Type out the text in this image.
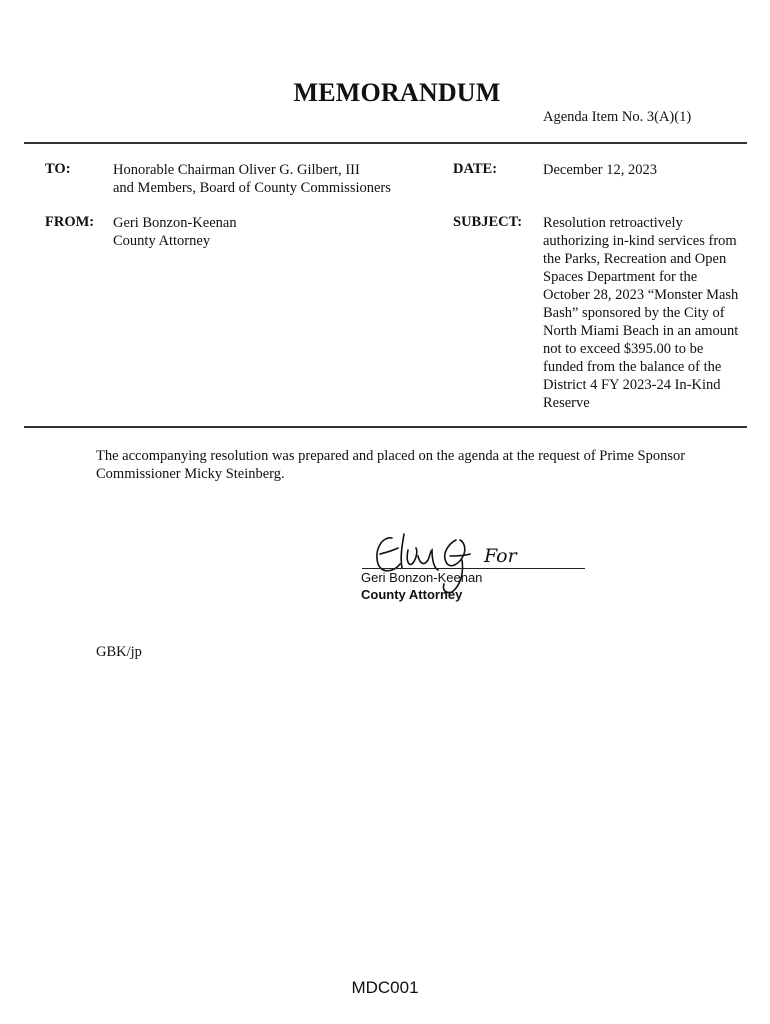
MEMORANDUM
Agenda Item No. 3(A)(1)
TO:	Honorable Chairman Oliver G. Gilbert, III
and Members, Board of County Commissioners
DATE:	December 12, 2023
FROM: Geri Bonzon-Keenan
County Attorney
SUBJECT: Resolution retroactively
authorizing in-kind services from
the Parks, Recreation and Open
Spaces Department for the
October 28, 2023 “Monster Mash
Bash” sponsored by the City of
North Miami Beach in an amount
not to exceed $395.00 to be
funded from the balance of the
District 4 FY 2023-24 In-Kind
Reserve
The accompanying resolution was prepared and placed on the agenda at the request of Prime Sponsor
Commissioner Micky Steinberg.
For
Geri Bonzon-Keenan
County Attorney
GBK/jp
MDC001
